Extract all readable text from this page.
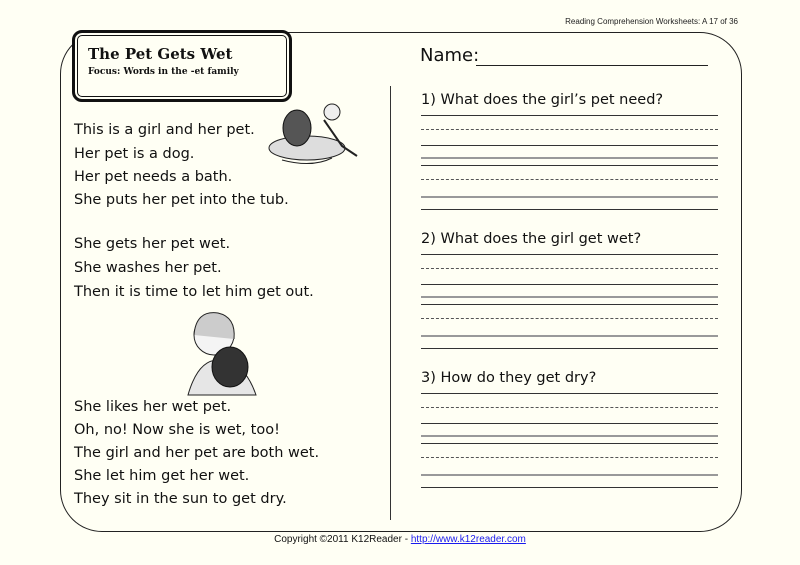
Reading Comprehension Worksheets: A 17 of 36
The Pet Gets Wet
Focus: Words in the -et family
This is a girl and her pet.
Her pet is a dog.
Her pet needs a bath.
She puts her pet into the tub.
She gets her pet wet.
She washes her pet.
Then it is time to let him get out.
She likes her wet pet.
Oh, no! Now she is wet, too!
The girl and her pet are both wet.
She let him get her wet.
They sit in the sun to get dry.
Name:
1) What does the girl’s pet need?
2) What does the girl get wet?
3) How do they get dry?
Copyright ©2011 K12Reader - http://www.k12reader.com
